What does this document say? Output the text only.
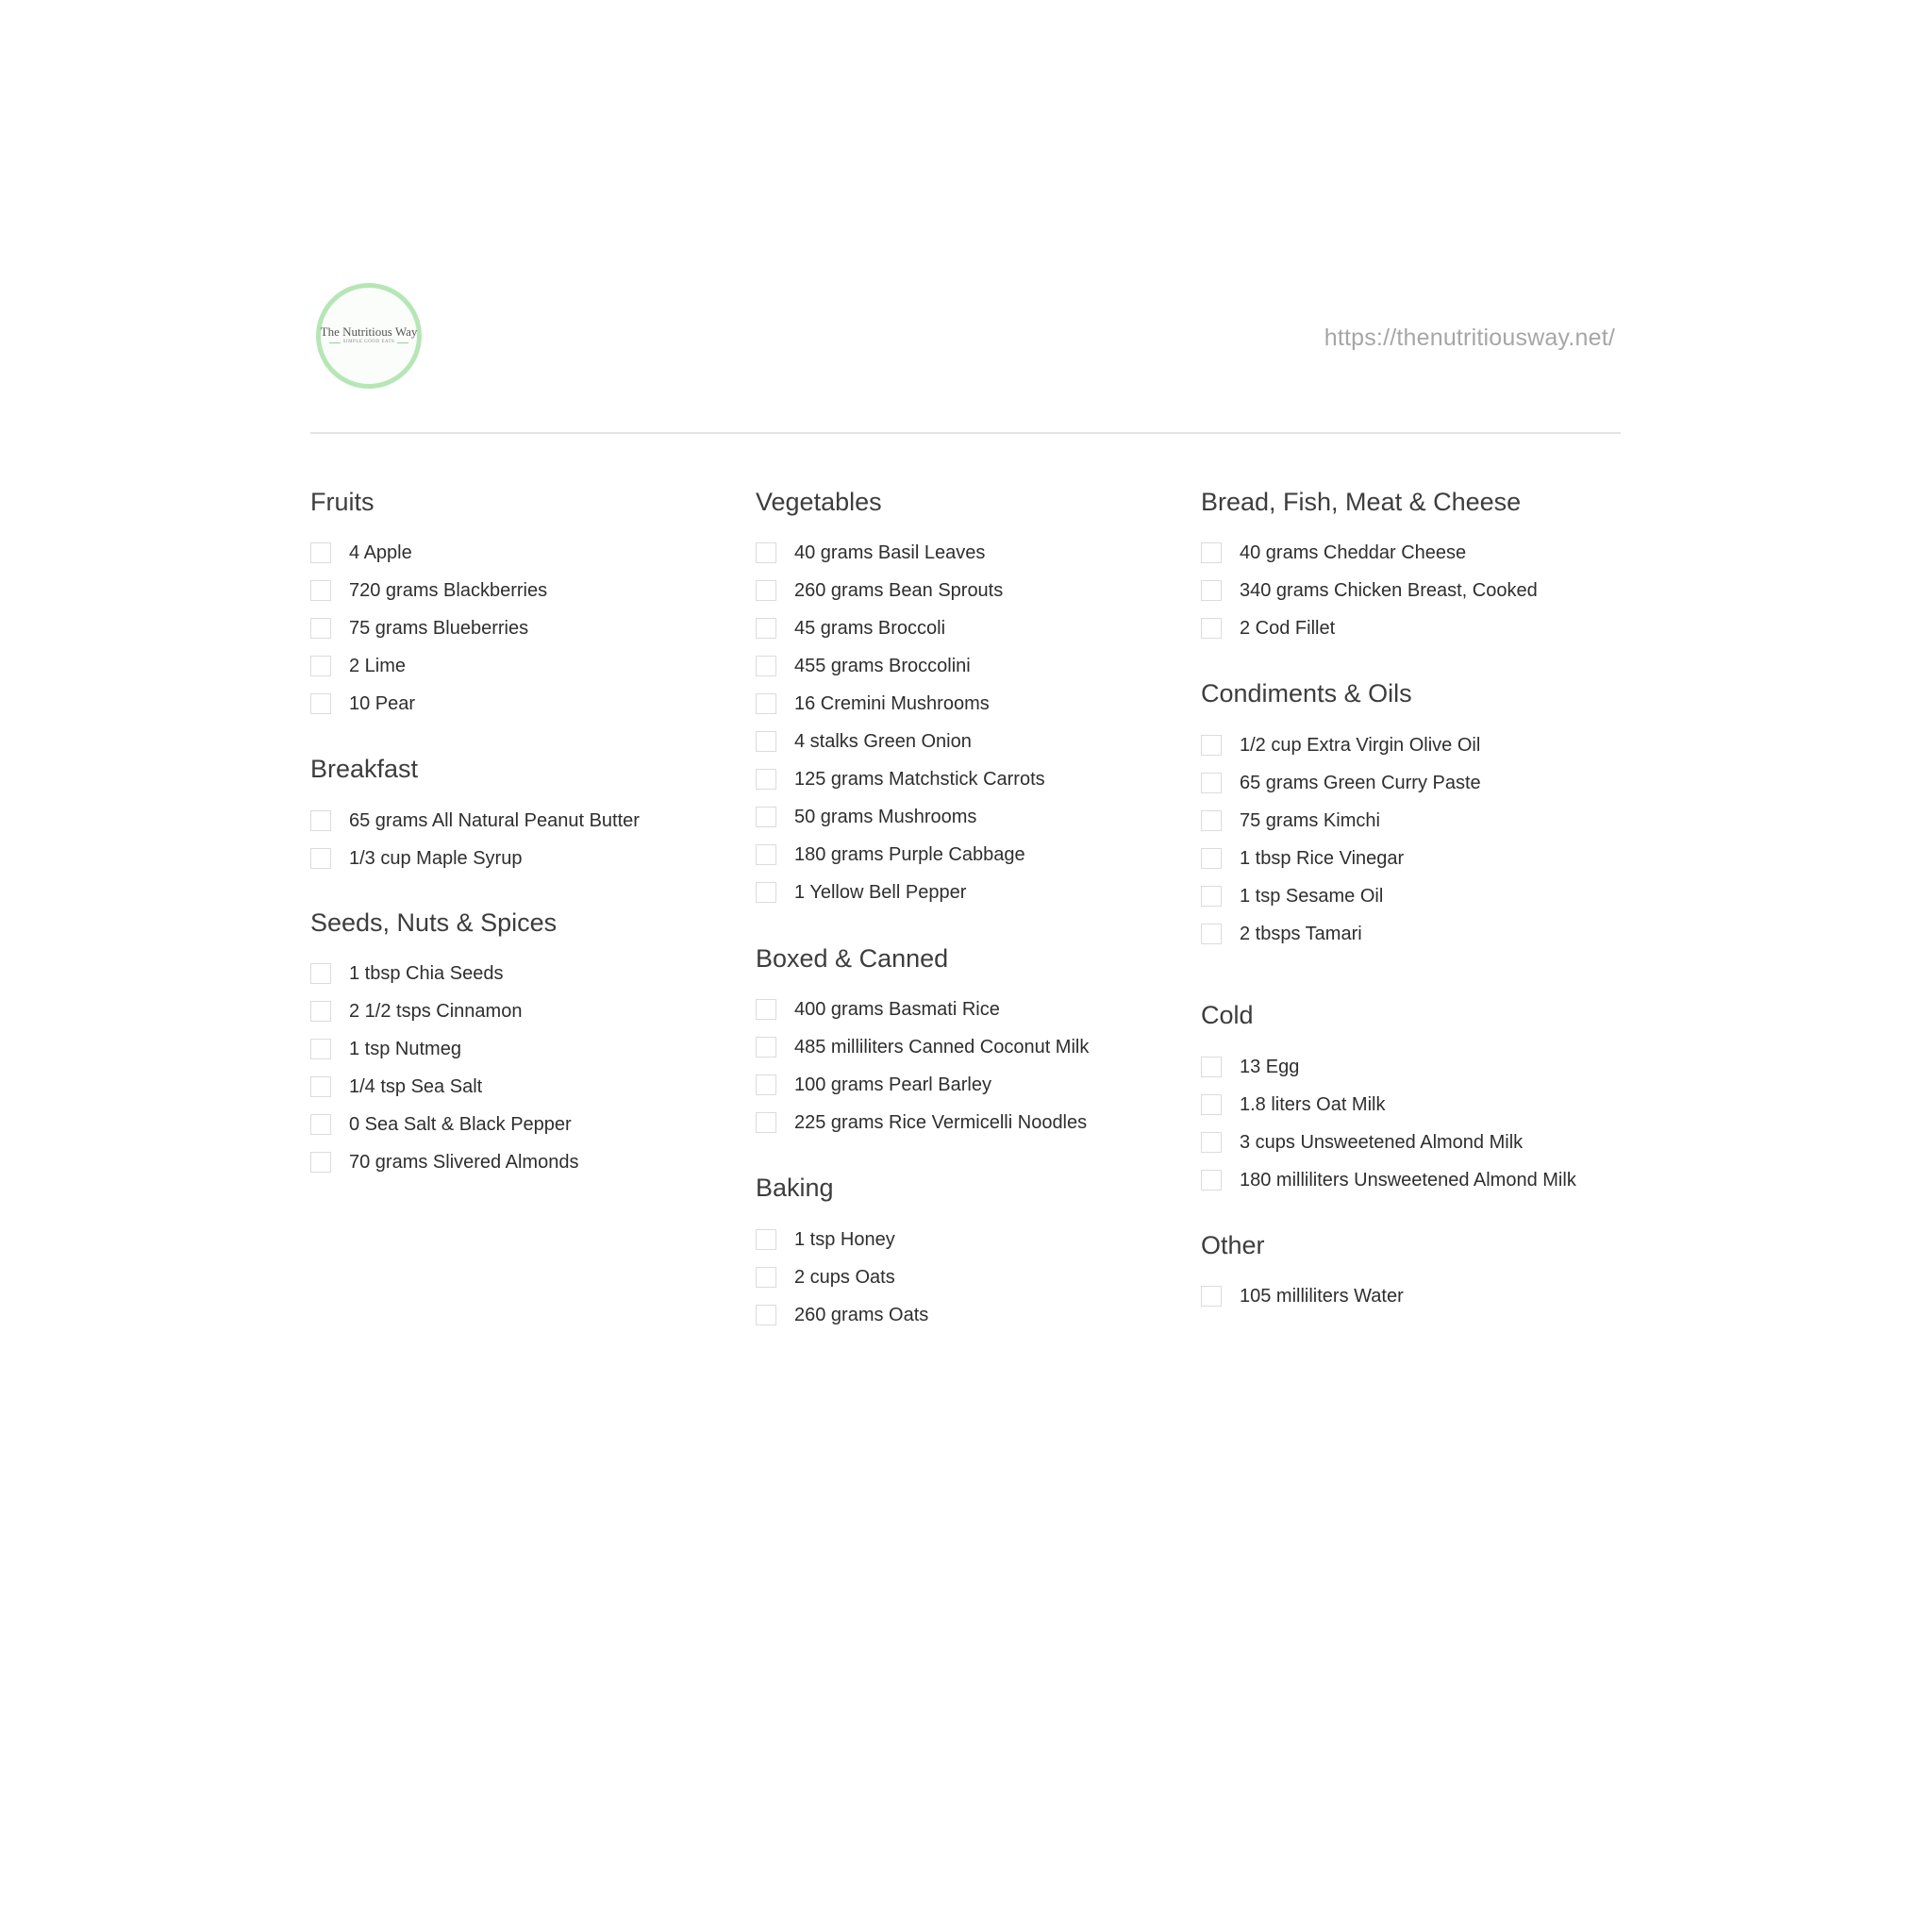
The Nutritious Way
SIMPLE GOOD EATS	https://thenutritiousway.net/
Fruits
4 Apple
720 grams Blackberries
75 grams Blueberries
2 Lime
10 Pear
Breakfast
65 grams All Natural Peanut Butter
1/3 cup Maple Syrup
Seeds, Nuts & Spices
1 tbsp Chia Seeds
2 1/2 tsps Cinnamon
1 tsp Nutmeg
1/4 tsp Sea Salt
0 Sea Salt & Black Pepper
70 grams Slivered Almonds
Vegetables
40 grams Basil Leaves
260 grams Bean Sprouts
45 grams Broccoli
455 grams Broccolini
16 Cremini Mushrooms
4 stalks Green Onion
125 grams Matchstick Carrots
50 grams Mushrooms
180 grams Purple Cabbage
1 Yellow Bell Pepper
Boxed & Canned
400 grams Basmati Rice
485 milliliters Canned Coconut Milk
100 grams Pearl Barley
225 grams Rice Vermicelli Noodles
Baking
1 tsp Honey
2 cups Oats
260 grams Oats
Bread, Fish, Meat & Cheese
40 grams Cheddar Cheese
340 grams Chicken Breast, Cooked
2 Cod Fillet
Condiments & Oils
1/2 cup Extra Virgin Olive Oil
65 grams Green Curry Paste
75 grams Kimchi
1 tbsp Rice Vinegar
1 tsp Sesame Oil
2 tbsps Tamari
Cold
13 Egg
1.8 liters Oat Milk
3 cups Unsweetened Almond Milk
180 milliliters Unsweetened Almond Milk
Other
105 milliliters Water
